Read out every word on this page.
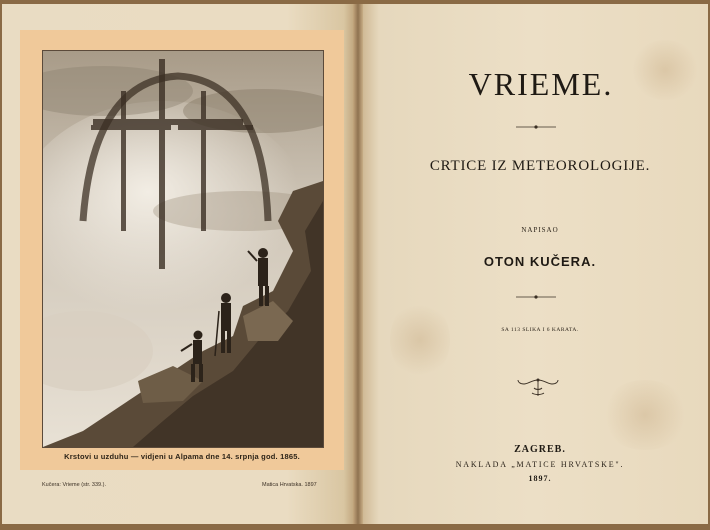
Krstovi u uzduhu — vidjeni u Alpama dne 14. srpnja god. 1865.
Kučera: Vrieme (str. 339.).	Matica Hrvatska. 1897
VRIEME.
CRTICE IZ METEOROLOGIJE.
NAPISAO
OTON KUČERA.
SA 113 SLIKA I 6 KARATA.
ZAGREB.
NAKLADA „MATICE HRVATSKE".
1897.
